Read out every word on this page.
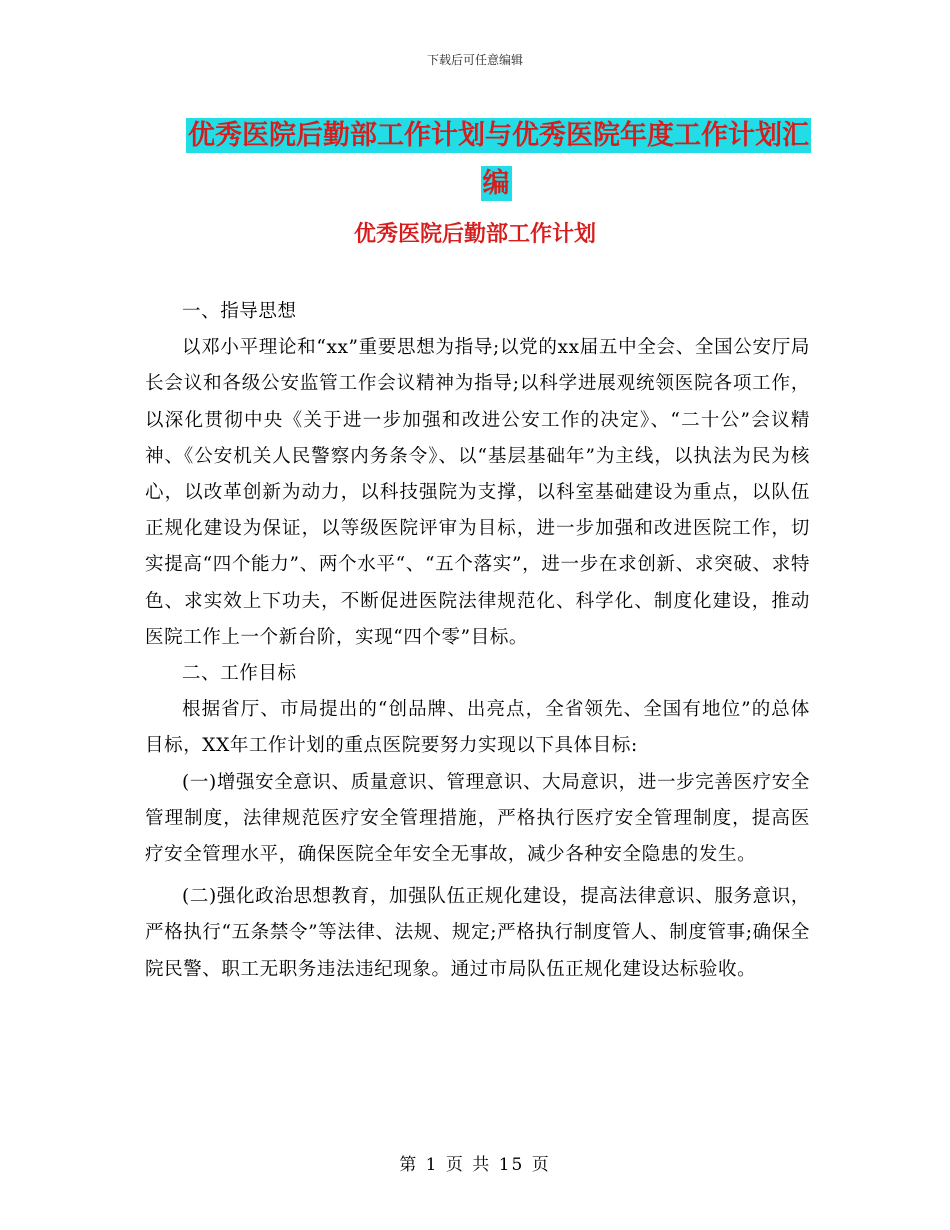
下载后可任意编辑
优秀医院后勤部工作计划与优秀医院年度工作计划汇
编
优秀医院后勤部工作计划

一、指导思想

以邓小平理论和“xx”重要思想为指导;以党的xx届五中全会、全国公安厅局长会议和各级公安监管工作会议精神为指导;以科学进展观统领医院各项工作，以深化贯彻中央《关于进一步加强和改进公安工作的决定》、“二十公”会议精神、《公安机关人民警察内务条令》、以“基层基础年”为主线，以执法为民为核心，以改革创新为动力，以科技强院为支撑，以科室基础建设为重点，以队伍正规化建设为保证，以等级医院评审为目标，进一步加强和改进医院工作，切实提高“四个能力”、两个水平“、“五个落实”，进一步在求创新、求突破、求特色、求实效上下功夫，不断促进医院法律规范化、科学化、制度化建设，推动医院工作上一个新台阶，实现“四个零”目标。

二、工作目标

根据省厅、市局提出的“创品牌、出亮点，全省领先、全国有地位”的总体目标，XX年工作计划的重点医院要努力实现以下具体目标:

(一)增强安全意识、质量意识、管理意识、大局意识，进一步完善医疗安全管理制度，法律规范医疗安全管理措施，严格执行医疗安全管理制度，提高医疗安全管理水平，确保医院全年安全无事故，减少各种安全隐患的发生。

(二)强化政治思想教育，加强队伍正规化建设，提高法律意识、服务意识，严格执行“五条禁令”等法律、法规、规定;严格执行制度管人、制度管事;确保全院民警、职工无职务违法违纪现象。通过市局队伍正规化建设达标验收。

第 1 页 共 15 页
